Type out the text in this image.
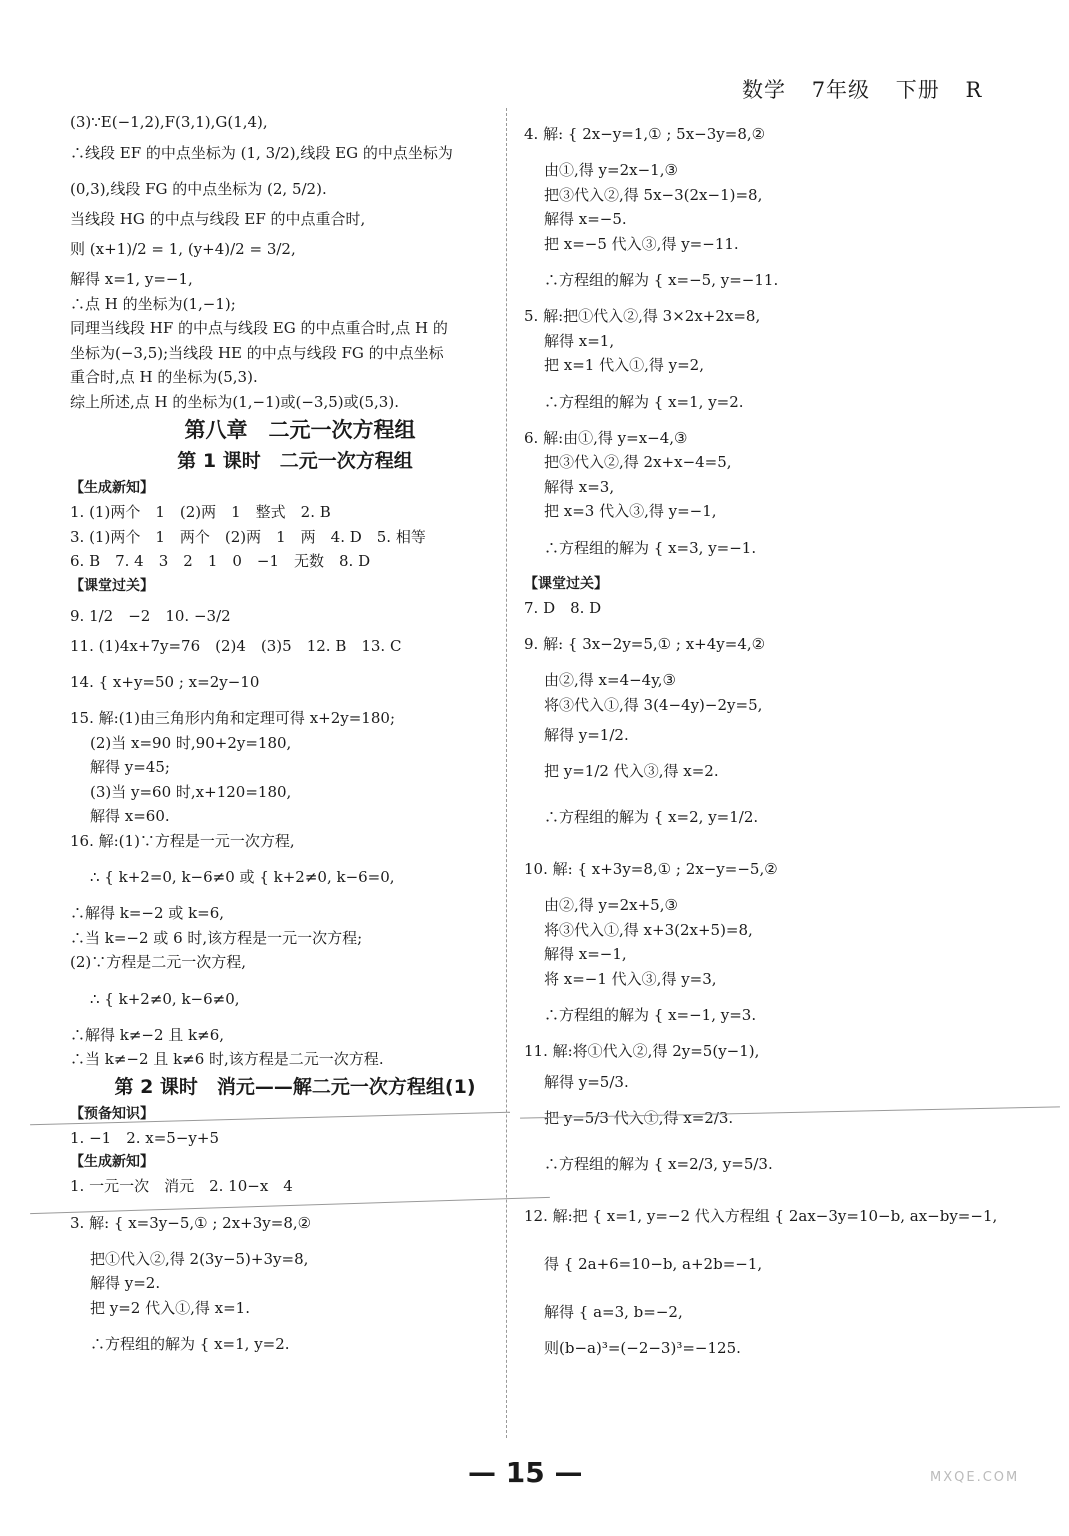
数学 7年级 下册 R
(3)∵E(−1,2),F(3,1),G(1,4),
∴线段 EF 的中点坐标为 (1, 3/2),线段 EG 的中点坐标为
(0,3),线段 FG 的中点坐标为 (2, 5/2).
当线段 HG 的中点与线段 EF 的中点重合时,
则 (x+1)/2 = 1, (y+4)/2 = 3/2,
解得 x=1, y=−1,
∴点 H 的坐标为(1,−1);
同理当线段 HF 的中点与线段 EG 的中点重合时,点 H 的
坐标为(−3,5);当线段 HE 的中点与线段 FG 的中点坐标
重合时,点 H 的坐标为(5,3).
综上所述,点 H 的坐标为(1,−1)或(−3,5)或(5,3).
第八章　二元一次方程组
第 1 课时　二元一次方程组
【生成新知】
1. (1)两个　1　(2)两　1　整式　2. B
3. (1)两个　1　两个　(2)两　1　两　4. D　5. 相等
6. B　7. 4　3　2　1　0　−1　无数　8. D
【课堂过关】
9. 1/2　−2　10. −3/2
11. (1)4x+7y=76　(2)4　(3)5　12. B　13. C
14. { x+y=50 ; x=2y−10
15. 解:(1)由三角形内角和定理可得 x+2y=180;
(2)当 x=90 时,90+2y=180,
解得 y=45;
(3)当 y=60 时,x+120=180,
解得 x=60.
16. 解:(1)∵方程是一元一次方程,
∴ { k+2=0, k−6≠0 或 { k+2≠0, k−6=0,
∴解得 k=−2 或 k=6,
∴当 k=−2 或 6 时,该方程是一元一次方程;
(2)∵方程是二元一次方程,
∴ { k+2≠0, k−6≠0,
∴解得 k≠−2 且 k≠6,
∴当 k≠−2 且 k≠6 时,该方程是二元一次方程.
第 2 课时　消元——解二元一次方程组(1)
【预备知识】
1. −1　2. x=5−y+5
【生成新知】
1. 一元一次　消元　2. 10−x　4
3. 解: { x=3y−5,① ; 2x+3y=8,②
把①代入②,得 2(3y−5)+3y=8,
解得 y=2.
把 y=2 代入①,得 x=1.
∴方程组的解为 { x=1, y=2.
4. 解: { 2x−y=1,① ; 5x−3y=8,②
由①,得 y=2x−1,③
把③代入②,得 5x−3(2x−1)=8,
解得 x=−5.
把 x=−5 代入③,得 y=−11.
∴方程组的解为 { x=−5, y=−11.
5. 解:把①代入②,得 3×2x+2x=8,
解得 x=1,
把 x=1 代入①,得 y=2,
∴方程组的解为 { x=1, y=2.
6. 解:由①,得 y=x−4,③
把③代入②,得 2x+x−4=5,
解得 x=3,
把 x=3 代入③,得 y=−1,
∴方程组的解为 { x=3, y=−1.
【课堂过关】
7. D　8. D
9. 解: { 3x−2y=5,① ; x+4y=4,②
由②,得 x=4−4y,③
将③代入①,得 3(4−4y)−2y=5,
解得 y=1/2.
把 y=1/2 代入③,得 x=2.
∴方程组的解为 { x=2, y=1/2.
10. 解: { x+3y=8,① ; 2x−y=−5,②
由②,得 y=2x+5,③
将③代入①,得 x+3(2x+5)=8,
解得 x=−1,
将 x=−1 代入③,得 y=3,
∴方程组的解为 { x=−1, y=3.
11. 解:将①代入②,得 2y=5(y−1),
解得 y=5/3.
把 y=5/3 代入①,得 x=2/3.
∴方程组的解为 { x=2/3, y=5/3.
12. 解:把 { x=1, y=−2 代入方程组 { 2ax−3y=10−b, ax−by=−1,
得 { 2a+6=10−b, a+2b=−1,
解得 { a=3, b=−2,
则(b−a)³=(−2−3)³=−125.
— 15 —	MXQE.COM
